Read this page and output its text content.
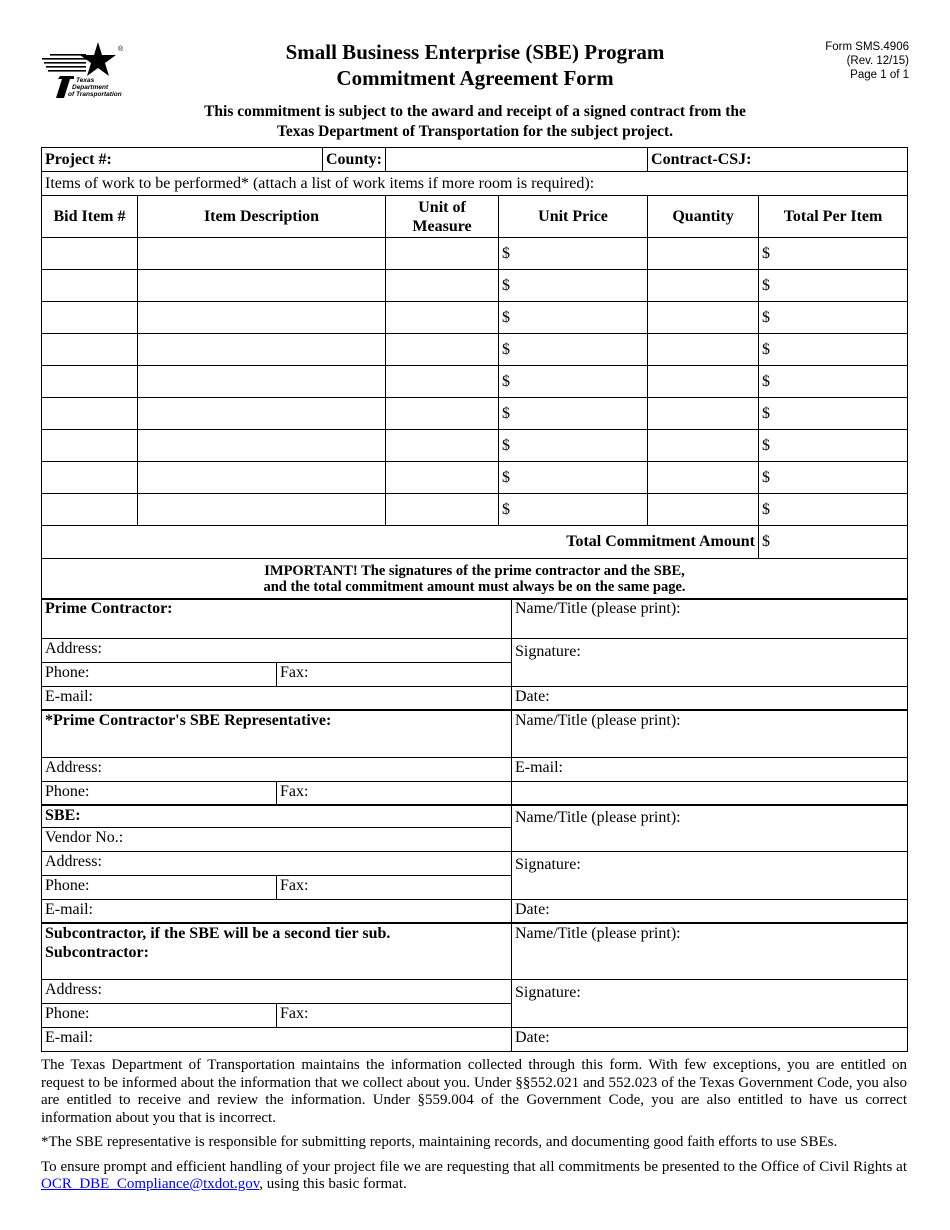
®
Texas
Department
of Transportation
Form SMS.4906
(Rev. 12/15)
Page 1 of 1
Small Business Enterprise (SBE) Program
Commitment Agreement Form
This commitment is subject to the award and receipt of a signed contract from the
Texas Department of Transportation for the subject project.
Project #: County:				Contract-CSJ:	
Items of work to be performed* (attach a list of work items if more room is required):					
Bid Item #	Item Description	Unit of Measure	Unit Price	Quantity	Total Per Item
			$		$
			$		$
			$		$
			$		$
			$		$
			$		$
			$		$
			$		$
			$		$
Total Commitment Amount					$

IMPORTANT! The signatures of the prime contractor and the SBE,
and the total commitment amount must always be on the same page.					
Prime Contractor:		Name/Title (please print):
Address:		Signature:
Phone:	Fax:	
E-mail:		Date:
*Prime Contractor's SBE Representative:		Name/Title (please print):
Address:		E-mail:
Phone:	Fax:	
SBE:		Name/Title (please print):
Vendor No.:		
Address:		Signature:
Phone:	Fax:	
E-mail:		Date:

Subcontractor, if the SBE will be a second tier sub.
Subcontractor:		Name/Title (please print):
Address:		Signature:
Phone:	Fax:	
E-mail:		Date:

The Texas Department of Transportation maintains the information collected through this form. With few exceptions, you are entitled on request to be informed about the information that we collect about you. Under §§552.021 and 552.023 of the Texas Government Code, you also are entitled to receive and review the information. Under §559.004 of the Government Code, you are also entitled to have us correct information about you that is incorrect.

*The SBE representative is responsible for submitting reports, maintaining records, and documenting good faith efforts to use SBEs.

To ensure prompt and efficient handling of your project file we are requesting that all commitments be presented to the Office of Civil Rights at OCR_DBE_Compliance@txdot.gov, using this basic format.
